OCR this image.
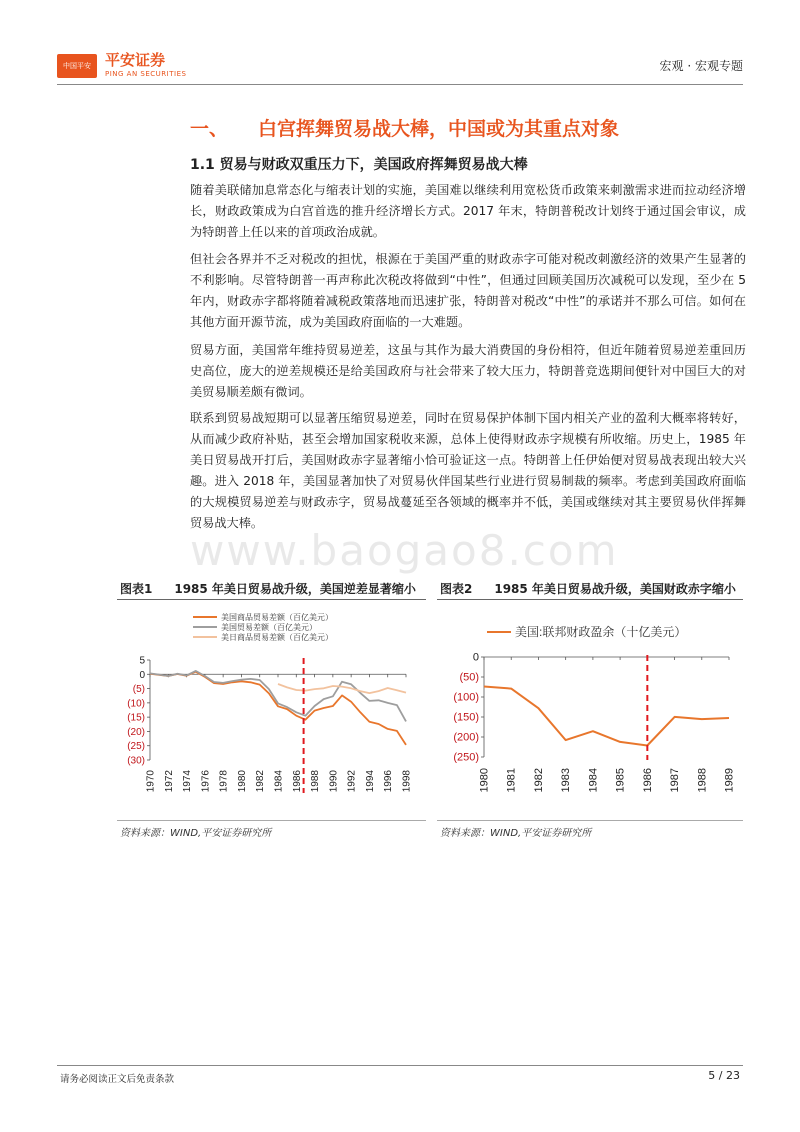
中国平安 平安证券
PING AN SECURITIES
宏观 · 宏观专题
一、 白宫挥舞贸易战大棒，中国或为其重点对象
1.1 贸易与财政双重压力下，美国政府挥舞贸易战大棒

随着美联储加息常态化与缩表计划的实施，美国难以继续利用宽松货币政策来刺激需求进而拉动经济增长，财政政策成为白宫首选的推升经济增长方式。2017 年末，特朗普税改计划终于通过国会审议，成为特朗普上任以来的首项政治成就。

但社会各界并不乏对税改的担忧，根源在于美国严重的财政赤字可能对税改刺激经济的效果产生显著的不利影响。尽管特朗普一再声称此次税改将做到“中性”，但通过回顾美国历次减税可以发现，至少在 5 年内，财政赤字都将随着减税政策落地而迅速扩张，特朗普对税改“中性”的承诺并不那么可信。如何在其他方面开源节流，成为美国政府面临的一大难题。

贸易方面，美国常年维持贸易逆差，这虽与其作为最大消费国的身份相符，但近年随着贸易逆差重回历史高位，庞大的逆差规模还是给美国政府与社会带来了较大压力，特朗普竞选期间便针对中国巨大的对美贸易顺差颇有微词。

联系到贸易战短期可以显著压缩贸易逆差，同时在贸易保护体制下国内相关产业的盈利大概率将转好，从而减少政府补贴，甚至会增加国家税收来源，总体上使得财政赤字规模有所收缩。历史上，1985 年美日贸易战开打后，美国财政赤字显著缩小恰可验证这一点。特朗普上任伊始便对贸易战表现出较大兴趣。进入 2018 年，美国显著加快了对贸易伙伴国某些行业进行贸易制裁的频率。考虑到美国政府面临的大规模贸易逆差与财政赤字，贸易战蔓延至各领域的概率并不低，美国或继续对其主要贸易伙伴挥舞贸易战大棒。

www.baogao8.com
图表1 1985 年美日贸易战升级，美国逆差显著缩小
美国商品贸易差额（百亿美元）
美国贸易差额（百亿美元）
美日商品贸易差额（百亿美元）
5
0
(5)
(10)
(15)
(20)
(25)
(30)
1970 1972 1974 1976 1978 1980 1982 1984 1986 1988 1990 1992 1994 1996 1998
资料来源：WIND,平安证券研究所
图表2 1985 年美日贸易战升级，美国财政赤字缩小
美国:联邦财政盈余（十亿美元）
0
(50)
(100)
(150)
(200)
(250)
1980 1981 1982 1983 1984 1985 1986 1987 1988 1989
资料来源：WIND,平安证券研究所
请务必阅读正文后免责条款	5 / 23
